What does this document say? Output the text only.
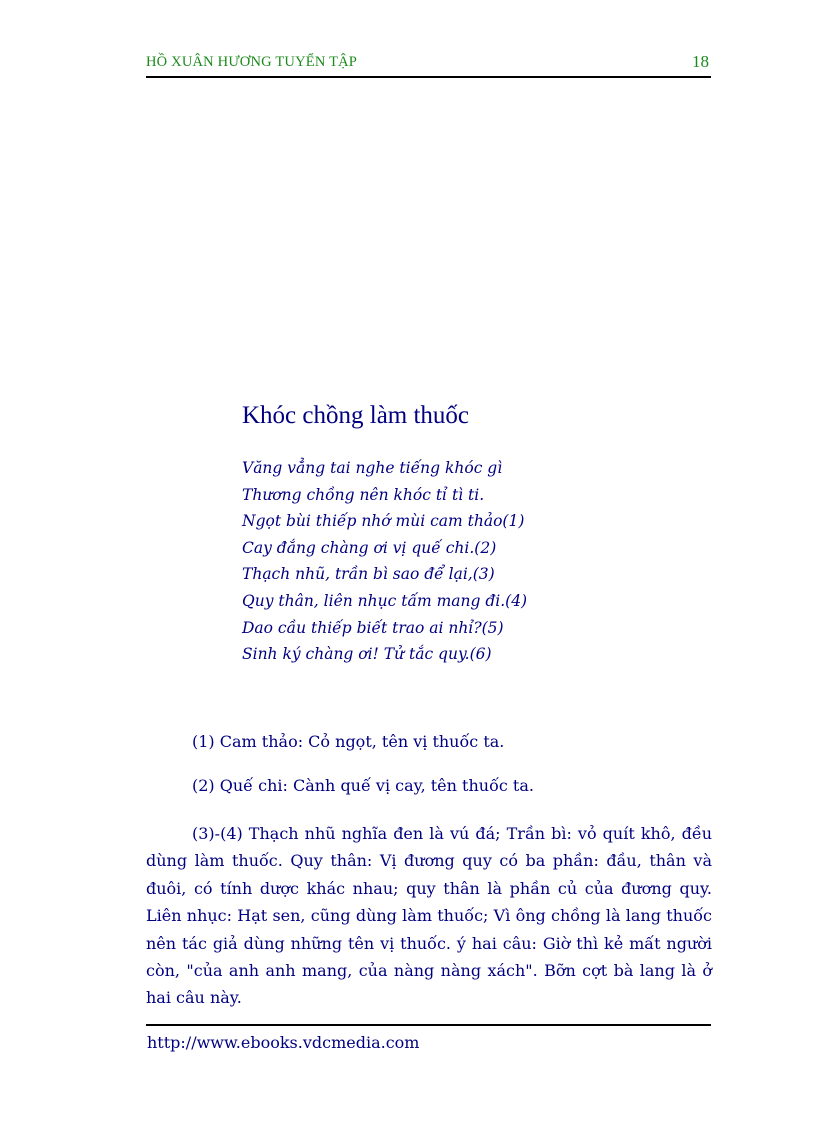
HỒ XUÂN HƯƠNG TUYỂN TẬP	18
Khóc chồng làm thuốc
Văng vẳng tai nghe tiếng khóc gì
Thương chồng nên khóc tỉ tì ti.
Ngọt bùi thiếp nhớ mùi cam thảo(1)
Cay đắng chàng ơi vị quế chi.(2)
Thạch nhũ, trần bì sao để lại,(3)
Quy thân, liên nhục tấm mang đi.(4)
Dao cầu thiếp biết trao ai nhỉ?(5)
Sinh ký chàng ơi! Tử tắc quy.(6)
(1) Cam thảo: Cỏ ngọt, tên vị thuốc ta.
(2) Quế chi: Cành quế vị cay, tên thuốc ta.

(3)-(4) Thạch nhũ nghĩa đen là vú đá; Trần bì: vỏ quít khô, đều
dùng làm thuốc. Quy thân: Vị đương quy có ba phần: đầu, thân và
đuôi, có tính dược khác nhau; quy thân là phần củ của đương quy.
Liên nhục: Hạt sen, cũng dùng làm thuốc; Vì ông chồng là lang thuốc
nên tác giả dùng những tên vị thuốc. ý hai câu: Giờ thì kẻ mất người
còn, "của anh anh mang, của nàng nàng xách". Bỡn cợt bà lang là ở
hai câu này.

http://www.ebooks.vdcmedia.com
